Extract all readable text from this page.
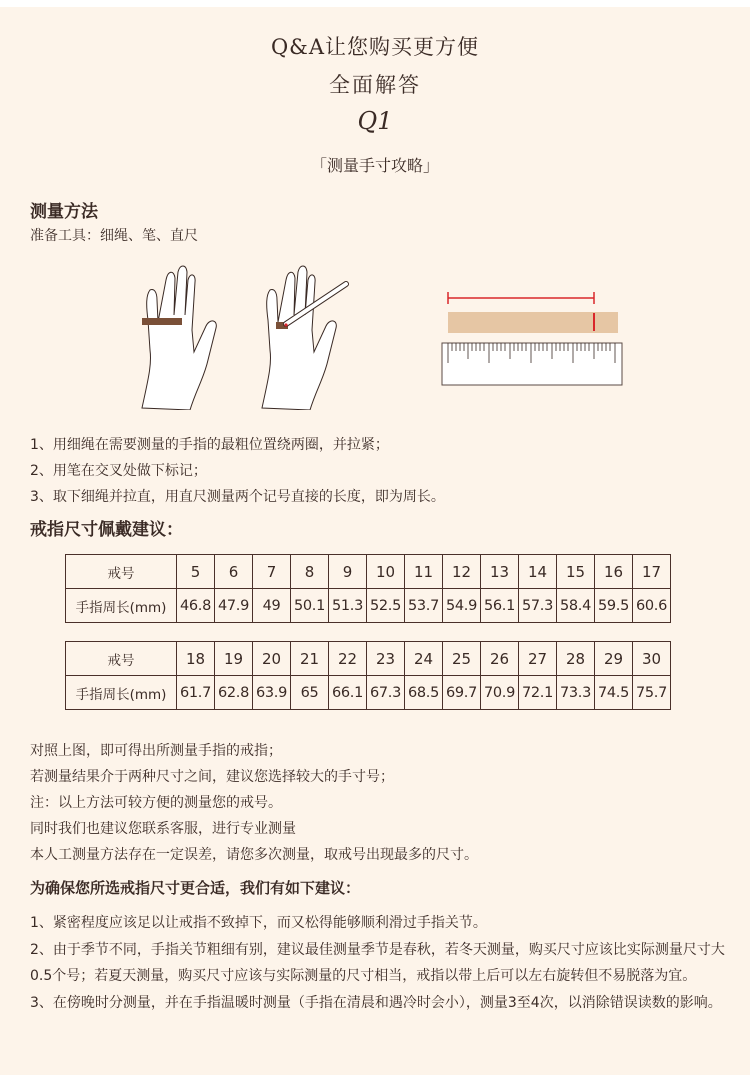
Q&A让您购买更方便
全面解答
Q1
「测量手寸攻略」
测量方法
准备工具：细绳、笔、直尺
1、用细绳在需要测量的手指的最粗位置绕两圈，并拉紧；
2、用笔在交叉处做下标记；
3、取下细绳并拉直，用直尺测量两个记号直接的长度，即为周长。
戒指尺寸佩戴建议：
戒号	5	6	7	8	9	10	11	12	13	14	15	16	17
手指周长(mm)	46.8	47.9	49	50.1	51.3	52.5	53.7	54.9	56.1	57.3	58.4	59.5	60.6
戒号	18	19	20	21	22	23	24	25	26	27	28	29	30
手指周长(mm)	61.7	62.8	63.9	65	66.1	67.3	68.5	69.7	70.9	72.1	73.3	74.5	75.7
对照上图，即可得出所测量手指的戒指；
若测量结果介于两种尺寸之间，建议您选择较大的手寸号；
注：以上方法可较方便的测量您的戒号。
同时我们也建议您联系客服，进行专业测量
本人工测量方法存在一定误差，请您多次测量，取戒号出现最多的尺寸。
为确保您所选戒指尺寸更合适，我们有如下建议：

1、紧密程度应该足以让戒指不致掉下，而又松得能够顺利滑过手指关节。

2、由于季节不同，手指关节粗细有别，建议最佳测量季节是春秋，若冬天测量，购买尺寸应该比实际测量尺寸大0.5个号；若夏天测量，购买尺寸应该与实际测量的尺寸相当，戒指以带上后可以左右旋转但不易脱落为宜。

3、在傍晚时分测量，并在手指温暖时测量（手指在清晨和遇冷时会小），测量3至4次，以消除错误读数的影响。
